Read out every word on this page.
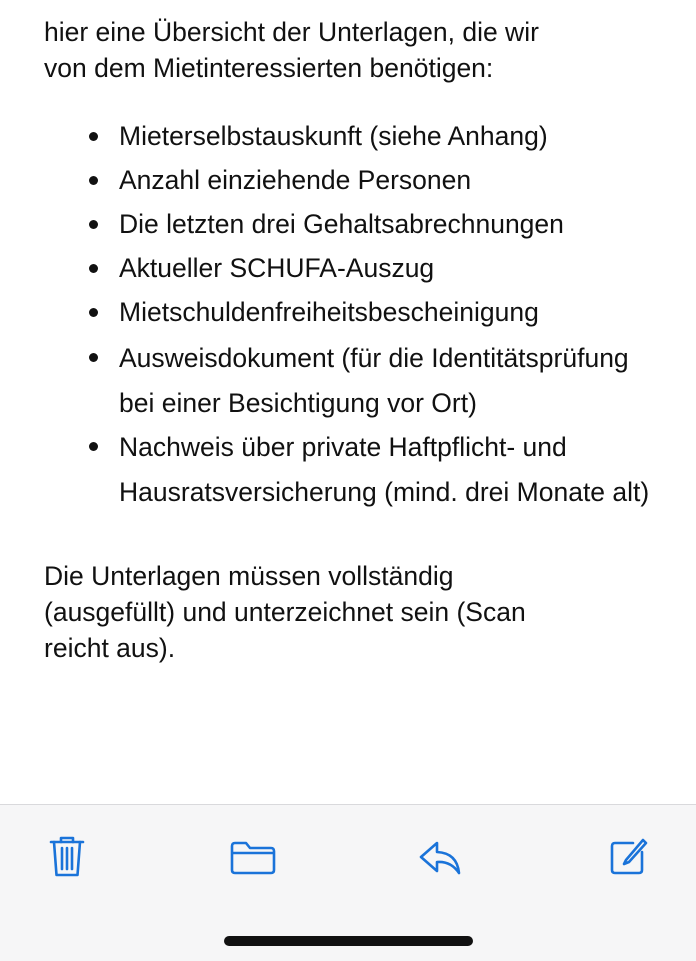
hier eine Übersicht der Unterlagen, die wir
von dem Mietinteressierten benötigen:

Mieterselbstauskunft (siehe Anhang)
Anzahl einziehende Personen
Die letzten drei Gehaltsabrechnungen
Aktueller SCHUFA-Auszug
Mietschuldenfreiheitsbescheinigung
Ausweisdokument (für die Identitätsprüfung bei einer Besichtigung vor Ort)
Nachweis über private Haftpflicht- und Hausratsversicherung (mind. drei Monate alt)

Die Unterlagen müssen vollständig
(ausgefüllt) und unterzeichnet sein (Scan
reicht aus).
